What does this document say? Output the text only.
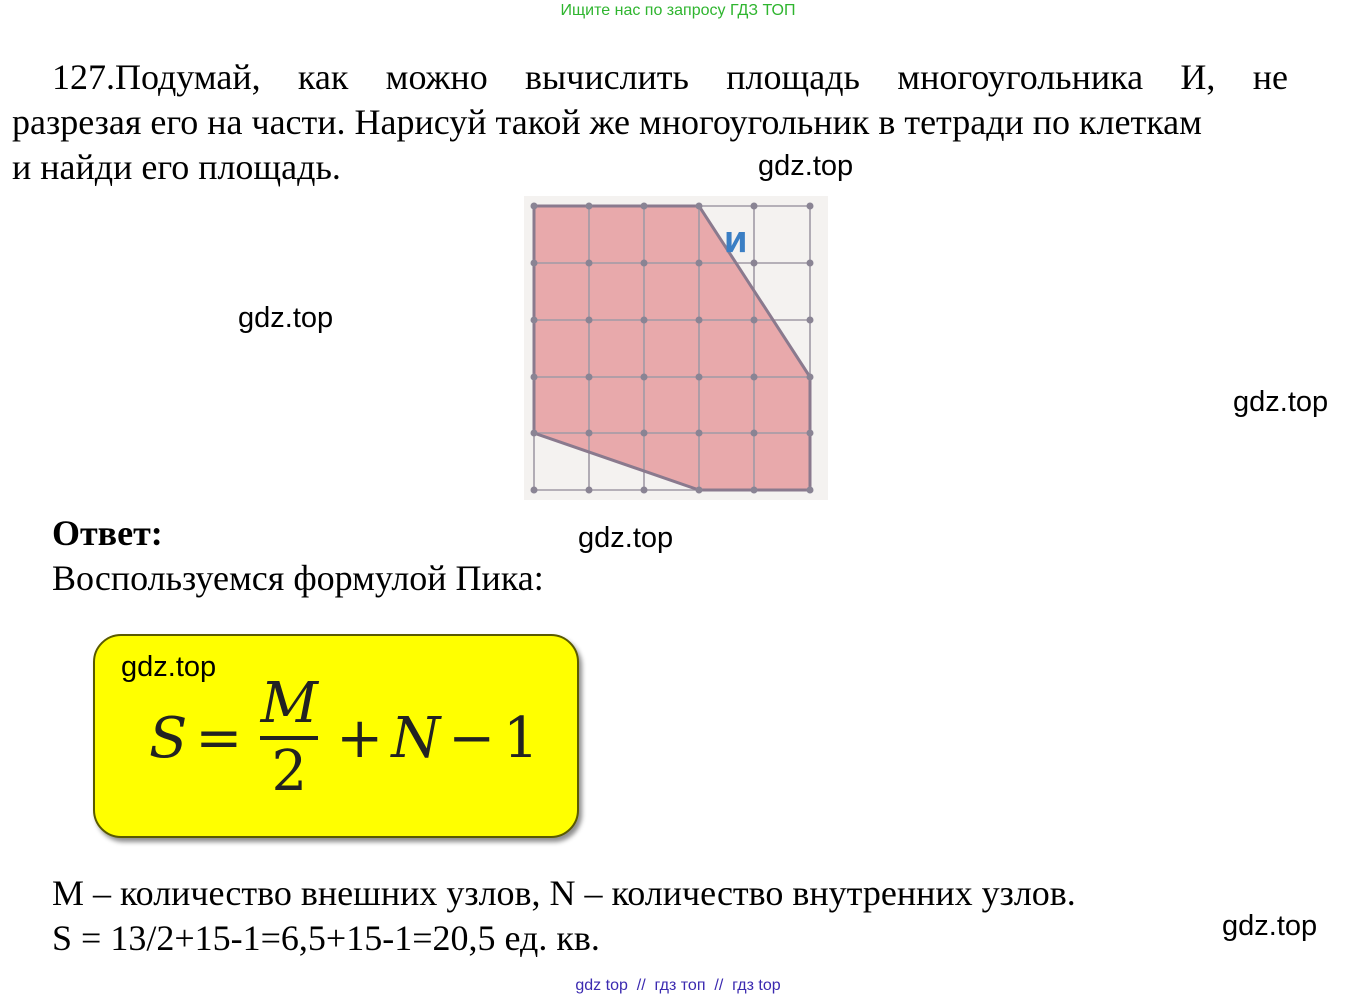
Ищите нас по запросу ГДЗ ТОП
127.Подумай, как можно вычислить площадь многоугольника И, не
разрезая его на части. Нарисуй такой же многоугольник в тетради по клеткам
и найди его площадь.	gdz.top
gdz.top
gdz.top
gdz.top
gdz.top
И
Ответ:
Воспользуемся формулой Пика:
gdz.top
$S = \frac{M}{2} + N - 1$
M – количество внешних узлов, N – количество внутренних узлов.
S = 13/2+15-1=6,5+15-1=20,5 ед. кв.
gdz top  //  гдз топ  //  гдз top
